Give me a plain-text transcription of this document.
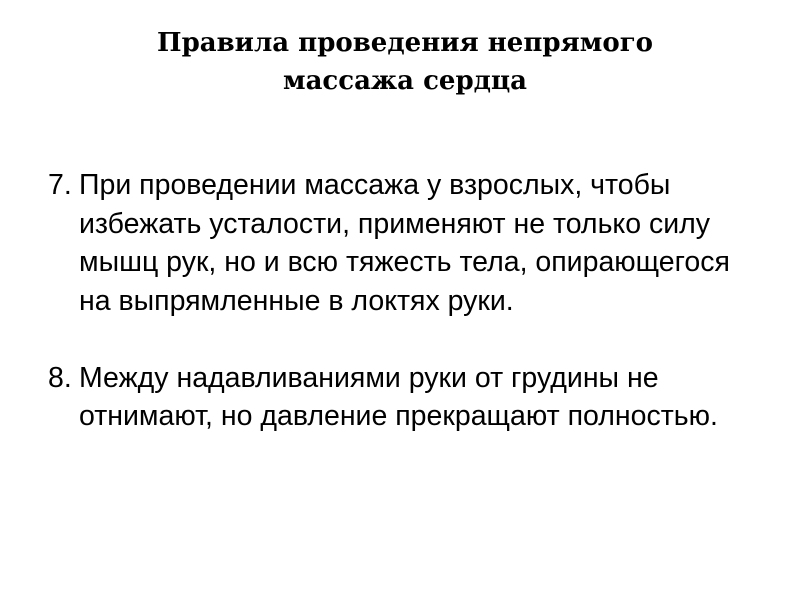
Правила проведения непрямого
массажа сердца
7. При проведении массажа у взрослых, чтобы избежать усталости, применяют не только силу мышц рук, но и всю тяжесть тела, опирающегося на выпрямленные в локтях руки.
8. Между надавливаниями руки от грудины не отнимают, но давление прекращают полностью.
